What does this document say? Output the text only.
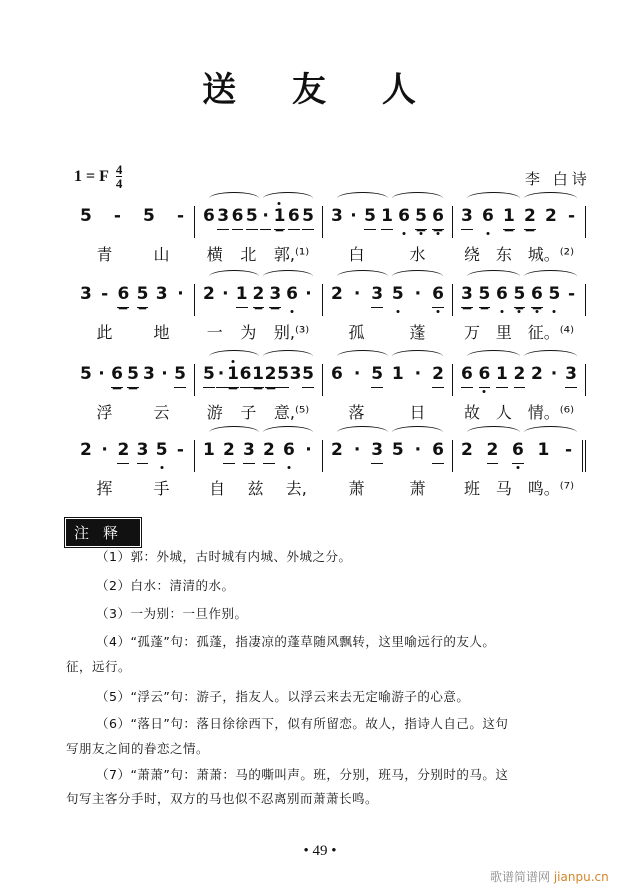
送 友 人
1 = F $\frac{4}{4}$	李 白诗
5 - 5 - 6 3 6 5 · 1 6 5 3 · 5 1 6 5 6 3 6 1 2 2 -
青	山 横 北 郭,⁽¹⁾ 白	水 绕 东 城。⁽²⁾
3 - 6 5 3 · 2 · 1 2 3 6 · 2 · 3 5 · 6 3 5 6 5 6 5 -
此	地 一 为 别,⁽³⁾ 孤	蓬 万 里 征。⁽⁴⁾
5 · 6 5 3 · 5 5 · 1 6 1 2 5 3 5 6 · 5 1 · 2 6 6 1 2 2 · 3
浮	云 游 子 意,⁽⁵⁾ 落	日 故 人 情。⁽⁶⁾
2 · 2 3 5 - 1 2 3 2 6 · 2 · 3 5 · 6 2 2 6 1 -
挥	手 自 兹 去,	萧	萧 班 马 鸣。⁽⁷⁾
注释
（1）郭：外城，古时城有内城、外城之分。
（2）白水：清清的水。
（3）一为别：一旦作别。
（4）“孤蓬”句：孤蓬，指凄凉的蓬草随风飘转，这里喻远行的友人。
征，远行。
（5）“浮云”句：游子，指友人。以浮云来去无定喻游子的心意。
（6）“落日”句：落日徐徐西下，似有所留恋。故人，指诗人自己。这句
写朋友之间的眷恋之情。
（7）“萧萧”句：萧萧：马的嘶叫声。班，分别，班马，分别时的马。这
句写主客分手时，双方的马也似不忍离别而萧萧长鸣。
• 49 •
歌谱简谱网 jianpu.cn
